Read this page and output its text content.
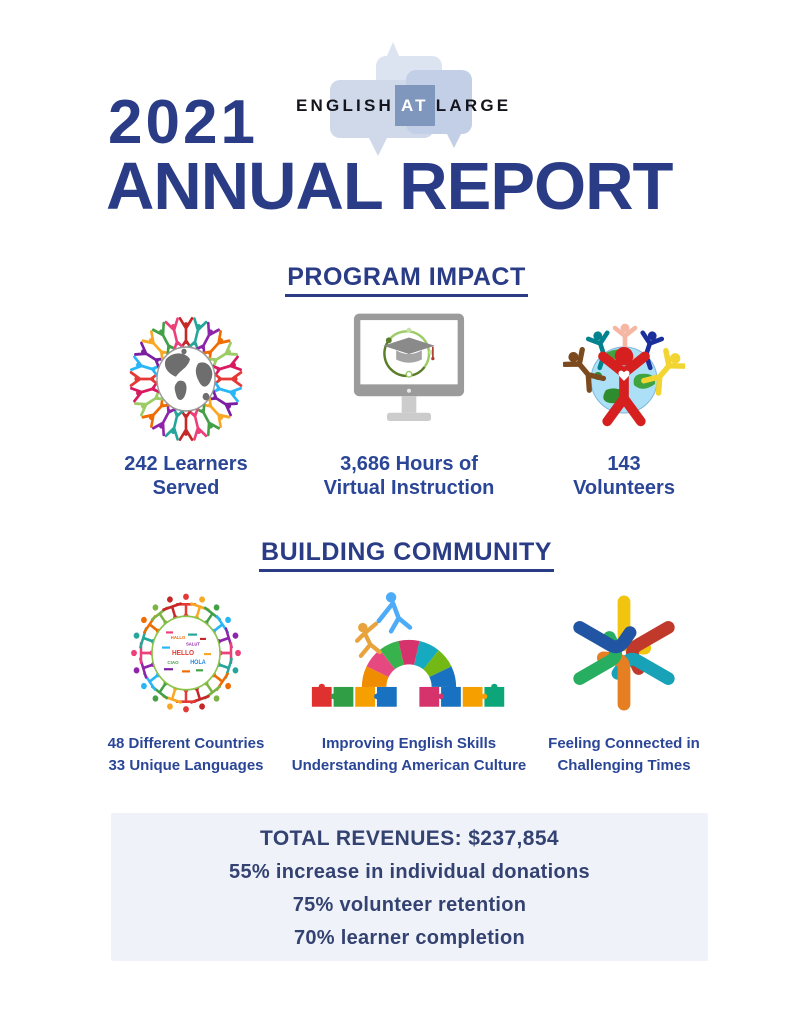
ENGLISH AT LARGE
2021
ANNUAL REPORT
PROGRAM IMPACT
242 Learners
Served
3,686 Hours of
Virtual Instruction
143
Volunteers
BUILDING COMMUNITY
HELLO
HOLA
CIAO
SALUT
HALLO
48 Different Countries
33 Unique Languages
Improving English Skills
Understanding American Culture
Feeling Connected in
Challenging Times

TOTAL REVENUES: $237,854

55% increase in individual donations

75% volunteer retention

70% learner completion
